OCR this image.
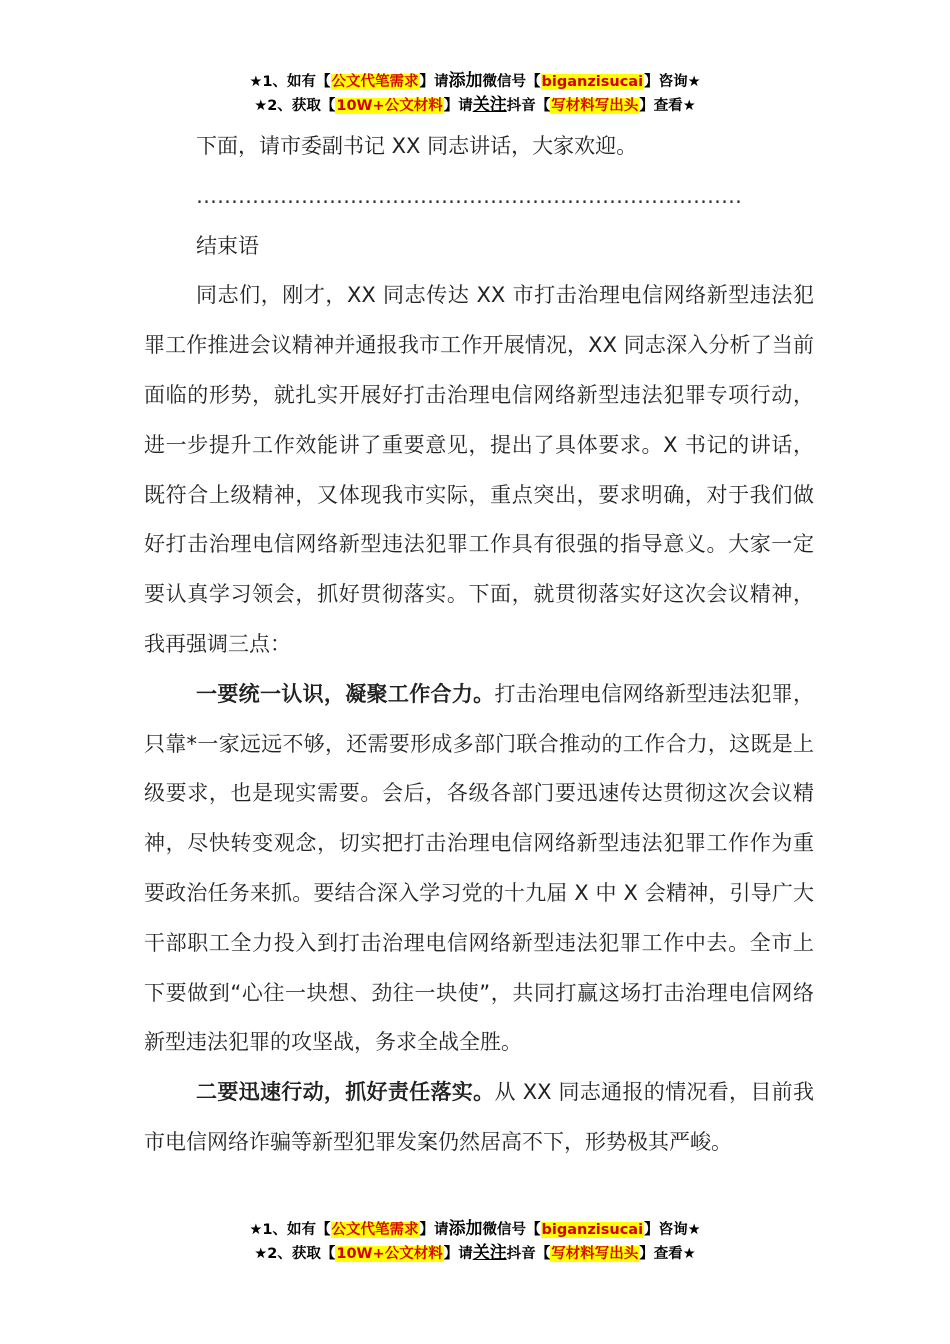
★1、如有【公文代笔需求】请添加微信号【biganzisucai】咨询★
★2、获取【10W+公文材料】请关注抖音【写材料写出头】查看★

下面，请市委副书记 XX 同志讲话，大家欢迎。

……………………………………………………………………

结束语

同志们，刚才，XX 同志传达 XX 市打击治理电信网络新型违法犯罪工作推进会议精神并通报我市工作开展情况，XX 同志深入分析了当前面临的形势，就扎实开展好打击治理电信网络新型违法犯罪专项行动，进一步提升工作效能讲了重要意见，提出了具体要求。X 书记的讲话，既符合上级精神，又体现我市实际，重点突出，要求明确，对于我们做好打击治理电信网络新型违法犯罪工作具有很强的指导意义。大家一定要认真学习领会，抓好贯彻落实。下面，就贯彻落实好这次会议精神，我再强调三点：

一要统一认识，凝聚工作合力。打击治理电信网络新型违法犯罪，只靠*一家远远不够，还需要形成多部门联合推动的工作合力，这既是上级要求，也是现实需要。会后，各级各部门要迅速传达贯彻这次会议精神，尽快转变观念，切实把打击治理电信网络新型违法犯罪工作作为重要政治任务来抓。要结合深入学习党的十九届 X 中 X 会精神，引导广大干部职工全力投入到打击治理电信网络新型违法犯罪工作中去。全市上下要做到“心往一块想、劲往一块使”，共同打赢这场打击治理电信网络新型违法犯罪的攻坚战，务求全战全胜。

二要迅速行动，抓好责任落实。从 XX 同志通报的情况看，目前我市电信网络诈骗等新型犯罪发案仍然居高不下，形势极其严峻。

★1、如有【公文代笔需求】请添加微信号【biganzisucai】咨询★
★2、获取【10W+公文材料】请关注抖音【写材料写出头】查看★
